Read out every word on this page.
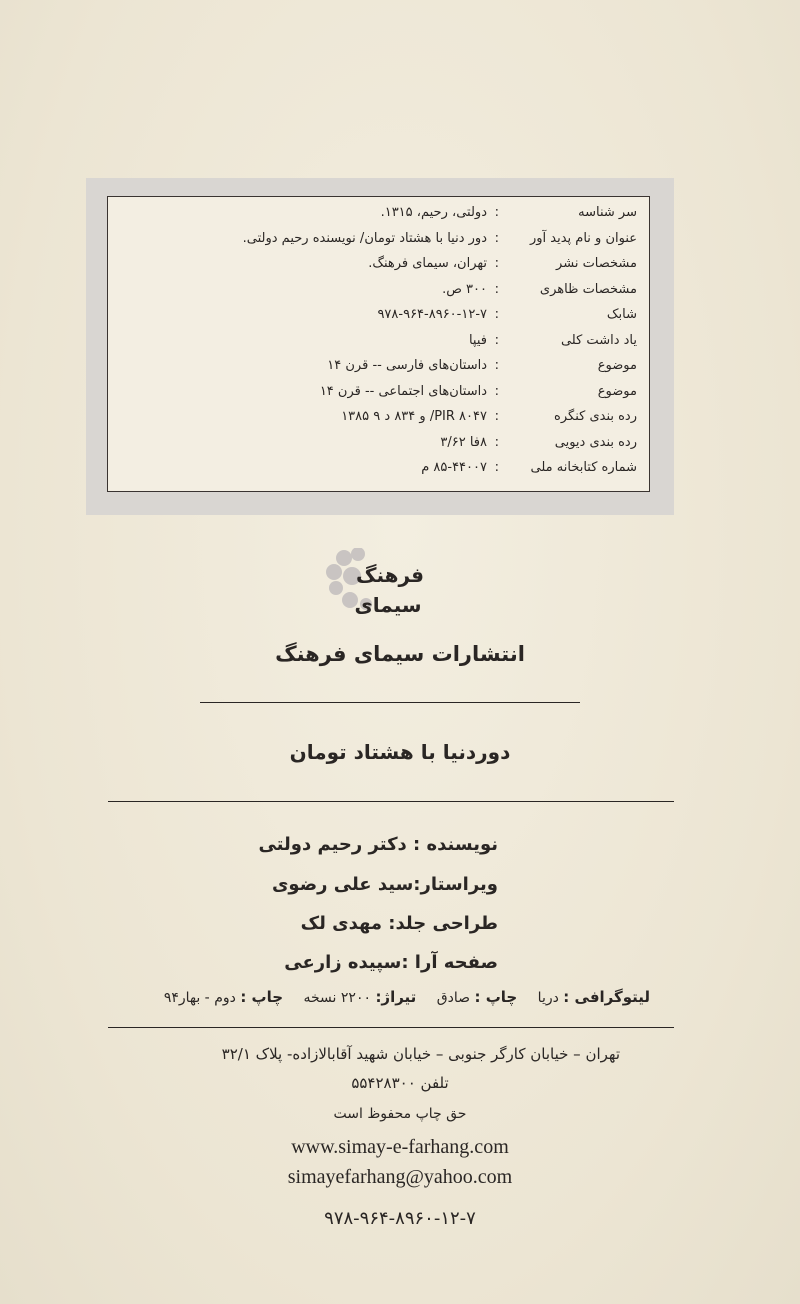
سر شناسه
:
دولتی، رحیم، ۱۳۱۵.
عنوان و نام پدید آور
:
دور دنیا با هشتاد تومان/ نویسنده رحیم دولتی.
مشخصات نشر
:
تهران، سیمای فرهنگ.
مشخصات ظاهری
:
۳۰۰ ص.
شابک
:
۹۷۸-۹۶۴-۸۹۶۰-۱۲-۷
یاد داشت کلی
:
فیپا
موضوع
:
داستان‌های فارسی -- قرن ۱۴
موضوع
:
داستان‌های اجتماعی -- قرن ۱۴
رده بندی کنگره
:
PIR ۸۰۴۷/ و ۸۳۴ د ۹ ۱۳۸۵
رده بندی دیویی
:
۸فا ۳/۶۲
شماره کتابخانه ملی
:
۸۵-۴۴۰۰۷ م
فرهنگ
سیمای
انتشارات سیمای فرهنگ
دوردنیا با هشتاد تومان
نویسنده : دکتر رحیم دولتی
ویراستار:سید علی رضوی
طراحی جلد: مهدی لک
صفحه آرا :سپیده زارعی
لیتوگرافی : دریا چاپ : صادق تیراژ: ۲۲۰۰ نسخه چاپ : دوم - بهار۹۴
تهران – خیابان کارگر جنوبی – خیابان شهید آقابالازاده- پلاک ۳۲/۱
تلفن ۵۵۴۲۸۳۰۰
حق چاپ محفوظ است
www.simay-e-farhang.com
simayefarhang@yahoo.com
۹۷۸-۹۶۴-۸۹۶۰-۱۲-۷
